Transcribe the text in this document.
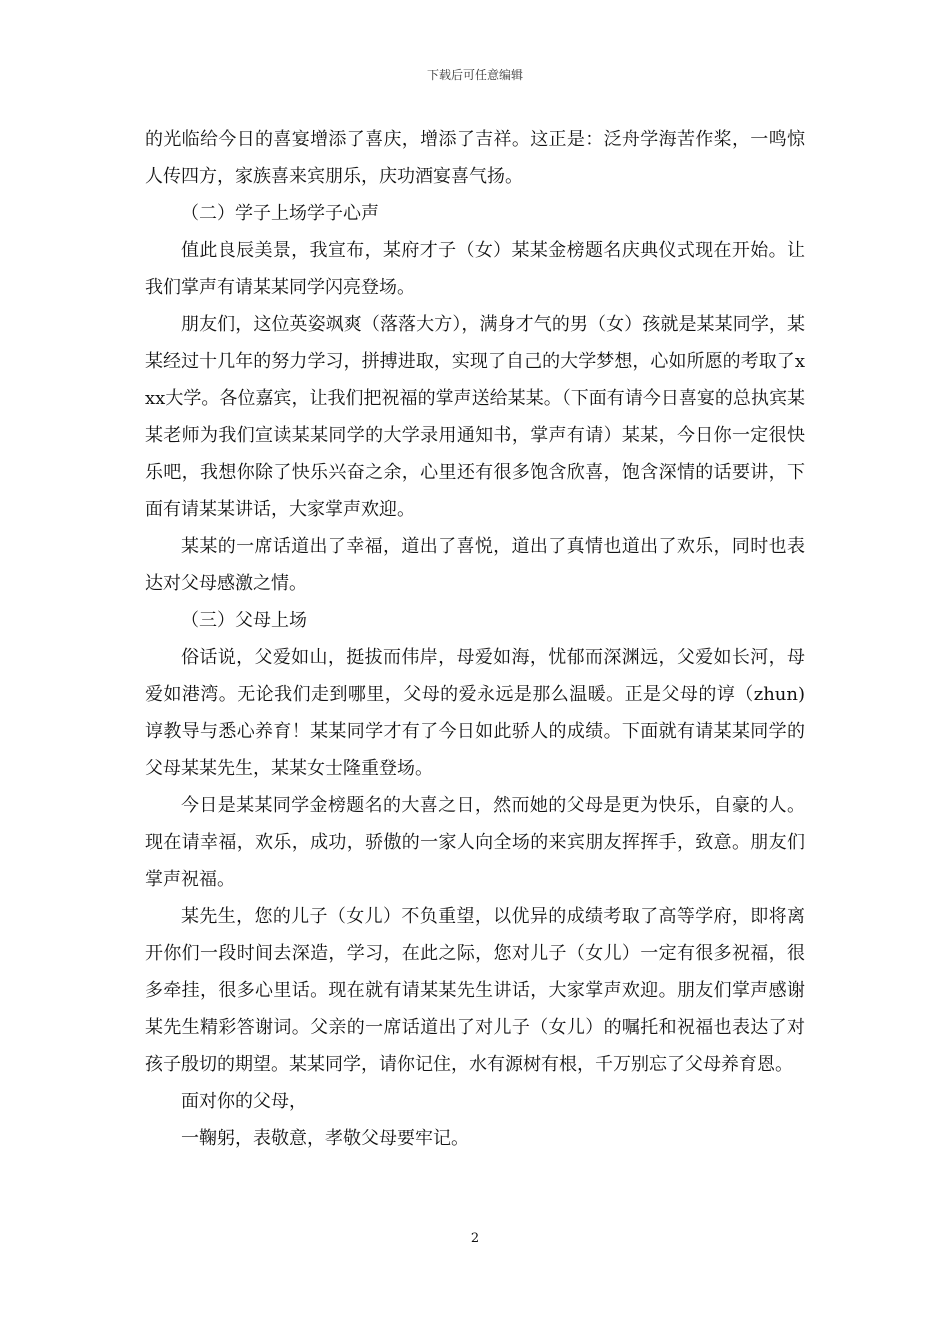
下载后可任意编辑

的光临给今日的喜宴增添了喜庆，增添了吉祥。这正是：泛舟学海苦作桨，一鸣惊人传四方，家族喜来宾朋乐，庆功酒宴喜气扬。

（二）学子上场学子心声

值此良辰美景，我宣布，某府才子（女）某某金榜题名庆典仪式现在开始。让我们掌声有请某某同学闪亮登场。

朋友们，这位英姿飒爽（落落大方），满身才气的男（女）孩就是某某同学，某某经过十几年的努力学习，拼搏进取，实现了自己的大学梦想，心如所愿的考取了xxx大学。各位嘉宾，让我们把祝福的掌声送给某某。（下面有请今日喜宴的总执宾某某老师为我们宣读某某同学的大学录用通知书，掌声有请）某某，今日你一定很快乐吧，我想你除了快乐兴奋之余，心里还有很多饱含欣喜，饱含深情的话要讲，下面有请某某讲话，大家掌声欢迎。

某某的一席话道出了幸福，道出了喜悦，道出了真情也道出了欢乐，同时也表达对父母感激之情。

（三）父母上场

俗话说，父爱如山，挺拔而伟岸，母爱如海，忧郁而深渊远，父爱如长河，母爱如港湾。无论我们走到哪里，父母的爱永远是那么温暖。正是父母的谆（zhun)谆教导与悉心养育！某某同学才有了今日如此骄人的成绩。下面就有请某某同学的父母某某先生，某某女士隆重登场。

今日是某某同学金榜题名的大喜之日，然而她的父母是更为快乐，自豪的人。现在请幸福，欢乐，成功，骄傲的一家人向全场的来宾朋友挥挥手，致意。朋友们掌声祝福。

某先生，您的儿子（女儿）不负重望，以优异的成绩考取了高等学府，即将离开你们一段时间去深造，学习，在此之际，您对儿子（女儿）一定有很多祝福，很多牵挂，很多心里话。现在就有请某某先生讲话，大家掌声欢迎。朋友们掌声感谢某先生精彩答谢词。父亲的一席话道出了对儿子（女儿）的嘱托和祝福也表达了对孩子殷切的期望。某某同学，请你记住，水有源树有根，千万别忘了父母养育恩。

面对你的父母，

一鞠躬，表敬意，孝敬父母要牢记。

2
